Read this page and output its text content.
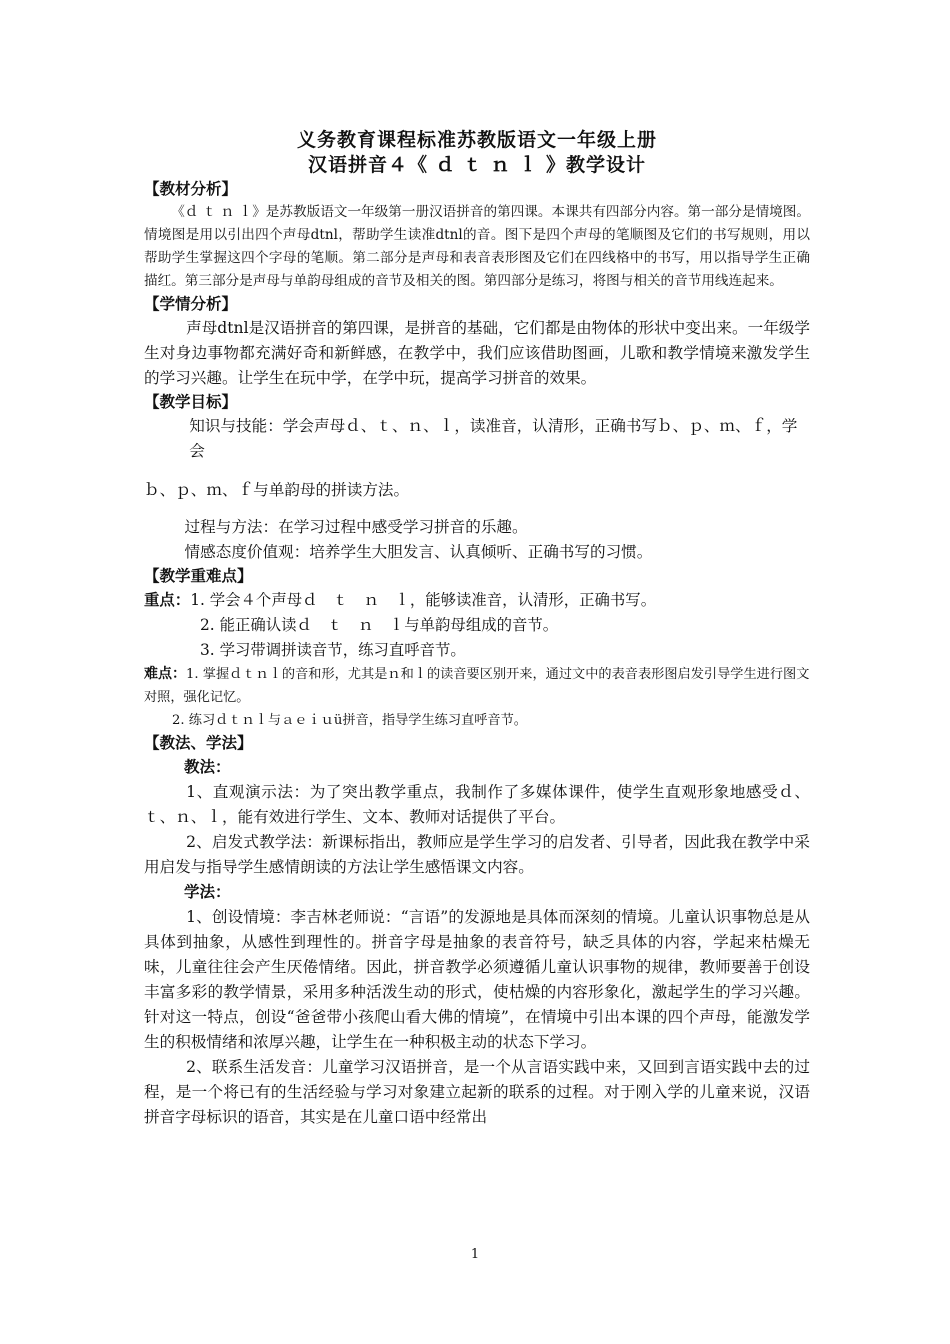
义务教育课程标准苏教版语文一年级上册
汉语拼音４《 ｄ ｔ ｎ ｌ 》教学设计
【教材分析】

《ｄ ｔ ｎ ｌ》是苏教版语文一年级第一册汉语拼音的第四课。本课共有四部分内容。第一部分是情境图。情境图是用以引出四个声母dtnl，帮助学生读准dtnl的音。图下是四个声母的笔顺图及它们的书写规则，用以帮助学生掌握这四个字母的笔顺。第二部分是声母和表音表形图及它们在四线格中的书写，用以指导学生正确描红。第三部分是声母与单韵母组成的音节及相关的图。第四部分是练习，将图与相关的音节用线连起来。

【学情分析】

声母dtnl是汉语拼音的第四课，是拼音的基础，它们都是由物体的形状中变出来。一年级学生对身边事物都充满好奇和新鲜感，在教学中，我们应该借助图画，儿歌和教学情境来激发学生的学习兴趣。让学生在玩中学，在学中玩，提高学习拼音的效果。

【教学目标】

知识与技能：学会声母ｄ、ｔ、ｎ、ｌ，读准音，认清形，正确书写ｂ、ｐ、ｍ、ｆ，学会

ｂ、ｐ、ｍ、ｆ与单韵母的拼读方法。

过程与方法：在学习过程中感受学习拼音的乐趣。

情感态度价值观：培养学生大胆发言、认真倾听、正确书写的习惯。

【教学重难点】

重点：1. 学会４个声母ｄ　ｔ　ｎ　ｌ，能够读准音，认清形，正确书写。

2. 能正确认读ｄ　ｔ　ｎ　ｌ与单韵母组成的音节。

3. 学习带调拼读音节，练习直呼音节。

难点：1. 掌握ｄｔｎｌ的音和形，尤其是ｎ和ｌ的读音要区别开来，通过文中的表音表形图启发引导学生进行图文对照，强化记忆。

2. 练习ｄｔｎｌ与ａｅｉｕü拼音，指导学生练习直呼音节。

【教法、学法】

教法：

1、直观演示法：为了突出教学重点，我制作了多媒体课件，使学生直观形象地感受ｄ、ｔ、ｎ、ｌ，能有效进行学生、文本、教师对话提供了平台。

2、启发式教学法：新课标指出，教师应是学生学习的启发者、引导者，因此我在教学中采用启发与指导学生感情朗读的方法让学生感悟课文内容。

学法：

1、创设情境：李吉林老师说：“言语”的发源地是具体而深刻的情境。儿童认识事物总是从具体到抽象，从感性到理性的。拼音字母是抽象的表音符号，缺乏具体的内容，学起来枯燥无味，儿童往往会产生厌倦情绪。因此，拼音教学必须遵循儿童认识事物的规律，教师要善于创设丰富多彩的教学情景，采用多种活泼生动的形式，使枯燥的内容形象化，激起学生的学习兴趣。针对这一特点，创设“爸爸带小孩爬山看大佛的情境”，在情境中引出本课的四个声母，能激发学生的积极情绪和浓厚兴趣，让学生在一种积极主动的状态下学习。

2、联系生活发音：儿童学习汉语拼音，是一个从言语实践中来，又回到言语实践中去的过程，是一个将已有的生活经验与学习对象建立起新的联系的过程。对于刚入学的儿童来说，汉语拼音字母标识的语音，其实是在儿童口语中经常出

1
